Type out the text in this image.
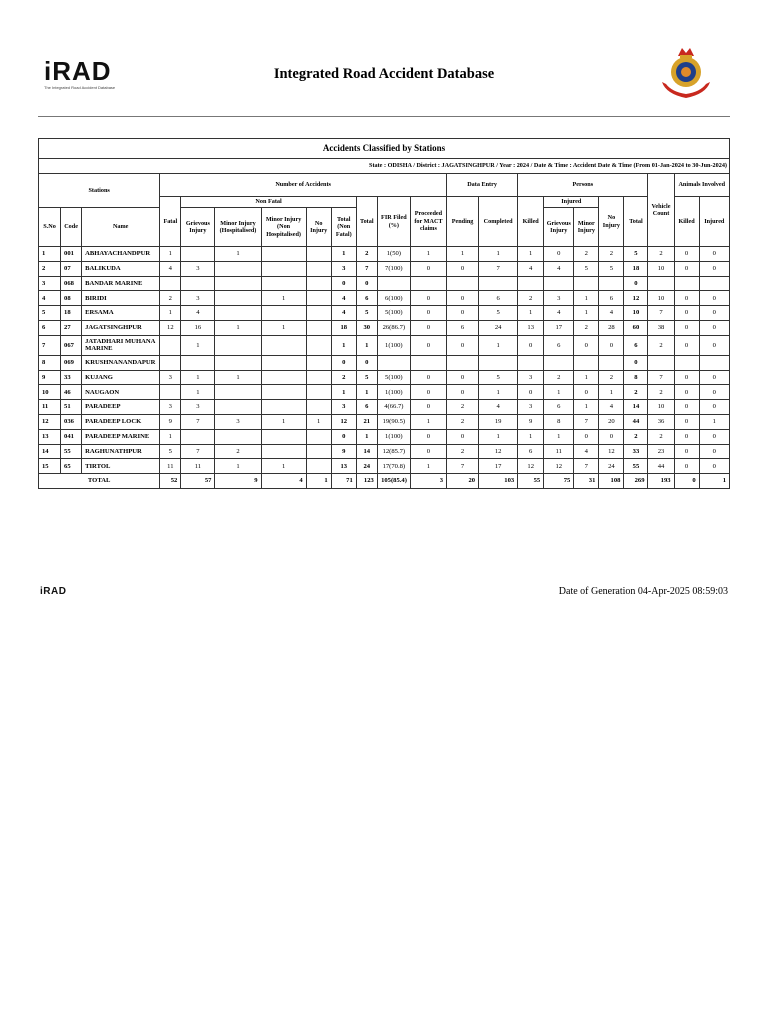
iRAD
The Integrated Road Accident Database
Integrated Road Accident Database
Accidents Classified by Stations																					
State : ODISHA / District : JAGATSINGHPUR / Year : 2024 / Date & Time : Accident Date & Time (From 01-Jan-2024 to 30-Jun-2024)																					
Stations			Number of Accidents									Data Entry		Persons					Vehicle Count	Animals Involved	
			Fatal	Non Fatal					Total	FIR Filed (%)	Proceeded for MACT claims	Pending	Completed	Killed	Injured		No Injury	Total		Killed	Injured
S.No	Code	Name		Grievous Injury	Minor Injury (Hospitalised)	Minor Injury (Non Hospitalised)	No Injury	Total (Non Fatal)							Grievous Injury	Minor Injury					
1	001	ABHAYACHANDPUR	1		1			1	2	1(50)	1	1	1	1	0	2	2	5	2	0	0
2	07	BALIKUDA	4	3				3	7	7(100)	0	0	7	4	4	5	5	18	10	0	0
3	068	BANDAR MARINE						0	0									0			
4	08	BIRIDI	2	3		1		4	6	6(100)	0	0	6	2	3	1	6	12	10	0	0
5	18	ERSAMA	1	4				4	5	5(100)	0	0	5	1	4	1	4	10	7	0	0
6	27	JAGATSINGHPUR	12	16	1	1		18	30	26(86.7)	0	6	24	13	17	2	28	60	38	0	0
7	067	JATADHARI MUHANA MARINE		1				1	1	1(100)	0	0	1	0	6	0	0	6	2	0	0
8	069	KRUSHNANANDAPUR						0	0									0			
9	33	KUJANG	3	1	1			2	5	5(100)	0	0	5	3	2	1	2	8	7	0	0
10	46	NAUGAON		1				1	1	1(100)	0	0	1	0	1	0	1	2	2	0	0
11	51	PARADEEP	3	3				3	6	4(66.7)	0	2	4	3	6	1	4	14	10	0	0
12	036	PARADEEP LOCK	9	7	3	1	1	12	21	19(90.5)	1	2	19	9	8	7	20	44	36	0	1
13	041	PARADEEP MARINE	1					0	1	1(100)	0	0	1	1	1	0	0	2	2	0	0
14	55	RAGHUNATHPUR	5	7	2			9	14	12(85.7)	0	2	12	6	11	4	12	33	23	0	0
15	65	TIRTOL	11	11	1	1		13	24	17(70.8)	1	7	17	12	12	7	24	55	44	0	0
TOTAL			52	57	9	4	1	71	123	105(85.4)	3	20	103	55	75	31	108	269	193	0	1
iRAD	Date of Generation 04-Apr-2025 08:59:03
